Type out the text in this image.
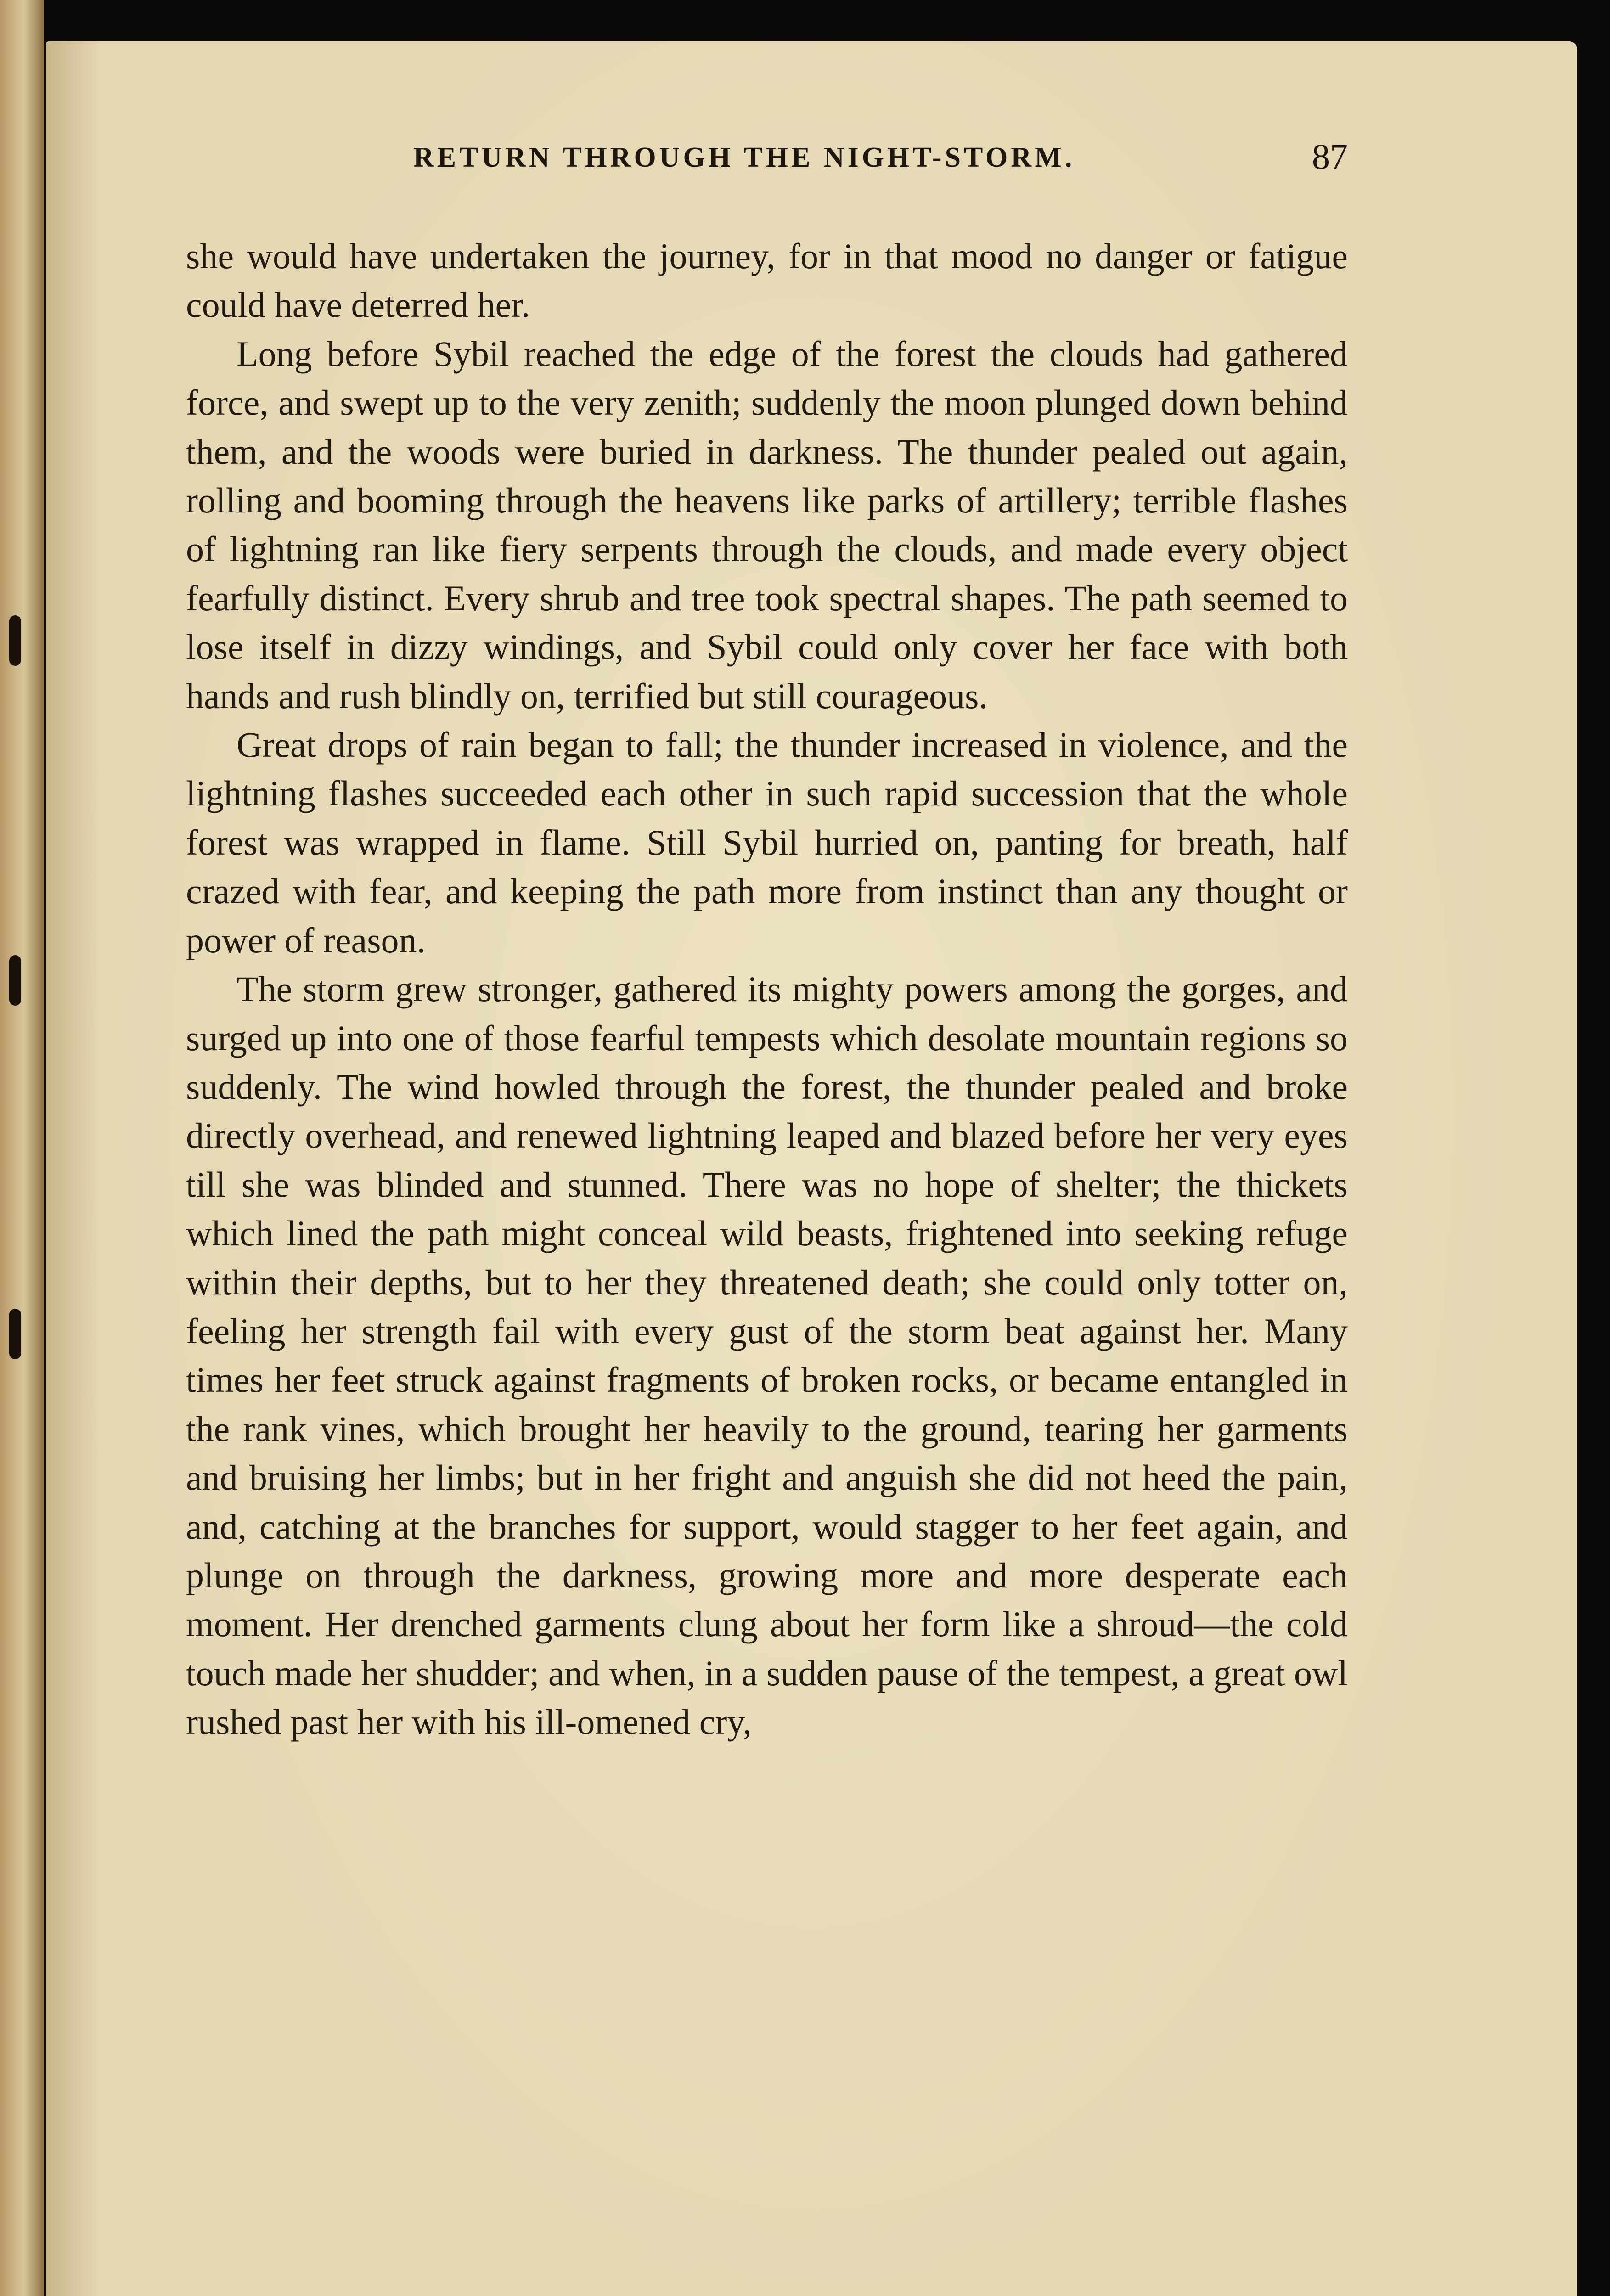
RETURN THROUGH THE NIGHT-STORM.	87

she would have undertaken the journey, for in that mood no danger or fatigue could have deterred her.

Long before Sybil reached the edge of the forest the clouds had gathered force, and swept up to the very zenith; suddenly the moon plunged down behind them, and the woods were buried in darkness. The thunder pealed out again, rolling and booming through the heavens like parks of artillery; terrible flashes of lightning ran like fiery serpents through the clouds, and made every object fearfully distinct. Every shrub and tree took spectral shapes. The path seemed to lose itself in dizzy windings, and Sybil could only cover her face with both hands and rush blindly on, terrified but still courageous.

Great drops of rain began to fall; the thunder increased in violence, and the lightning flashes succeeded each other in such rapid succession that the whole forest was wrapped in flame. Still Sybil hurried on, panting for breath, half crazed with fear, and keeping the path more from instinct than any thought or power of reason.

The storm grew stronger, gathered its mighty powers among the gorges, and surged up into one of those fearful tempests which desolate mountain regions so suddenly. The wind howled through the forest, the thunder pealed and broke directly overhead, and renewed lightning leaped and blazed before her very eyes till she was blinded and stunned. There was no hope of shelter; the thickets which lined the path might conceal wild beasts, frightened into seeking refuge within their depths, but to her they threatened death; she could only totter on, feeling her strength fail with every gust of the storm beat against her. Many times her feet struck against fragments of broken rocks, or became entangled in the rank vines, which brought her heavily to the ground, tearing her garments and bruising her limbs; but in her fright and anguish she did not heed the pain, and, catching at the branches for support, would stagger to her feet again, and plunge on through the darkness, growing more and more desperate each moment. Her drenched garments clung about her form like a shroud—the cold touch made her shudder; and when, in a sudden pause of the tempest, a great owl rushed past her with his ill-omened cry,
